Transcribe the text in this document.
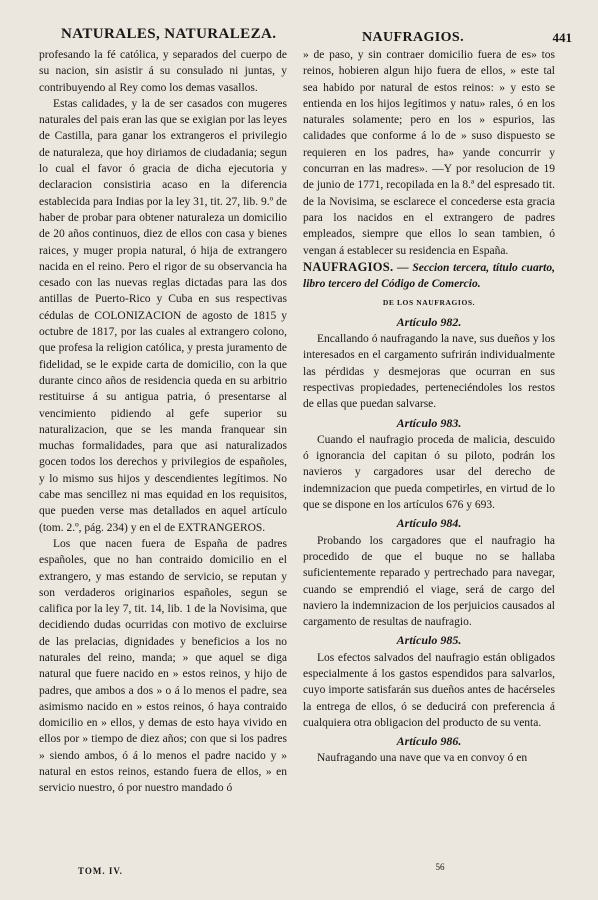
NATURALES, NATURALEZA.	NAUFRAGIOS.	441

profesando la fé católica, y separados del cuerpo de su nacion, sin asistir á su consulado ni juntas, y contribuyendo al Rey como los demas vasallos.

Estas calidades, y la de ser casados con mugeres naturales del pais eran las que se exigian por las leyes de Castilla, para ganar los extrangeros el privilegio de naturaleza, que hoy diriamos de ciudadania; segun lo cual el favor ó gracia de dicha ejecutoria y declaracion consistiria acaso en la diferencia establecida para Indias por la ley 31, tit. 27, lib. 9.º de haber de probar para obtener naturaleza un domicilio de 20 años continuos, diez de ellos con casa y bienes raices, y muger propia natural, ó hija de extrangero nacida en el reino. Pero el rigor de su observancia ha cesado con las nuevas reglas dictadas para las dos antillas de Puerto-Rico y Cuba en sus respectivas cédulas de COLONIZACION de agosto de 1815 y octubre de 1817, por las cuales al extrangero colono, que profesa la religion católica, y presta juramento de fidelidad, se le expide carta de domicilio, con la que durante cinco años de residencia queda en su arbitrio restituirse á su antigua patria, ó presentarse al vencimiento pidiendo al gefe superior su naturalizacion, que se les manda franquear sin muchas formalidades, para que asi naturalizados gocen todos los derechos y privilegios de españoles, y lo mismo sus hijos y descendientes legítimos. No cabe mas sencillez ni mas equidad en los requisitos, que pueden verse mas detallados en aquel artículo (tom. 2.º, pág. 234) y en el de EXTRANGEROS.

Los que nacen fuera de España de padres españoles, que no han contraido domicilio en el extrangero, y mas estando de servicio, se reputan y son verdaderos originarios españoles, segun se califica por la ley 7, tit. 14, lib. 1 de la Novisima, que decidiendo dudas ocurridas con motivo de excluirse de las prelacias, dignidades y beneficios a los no naturales del reino, manda; » que aquel se diga natural que fuere nacido en » estos reinos, y hijo de padres, que ambos a dos » o á lo menos el padre, sea asimismo nacido en » estos reinos, ó haya contraido domicilio en » ellos, y demas de esto haya vivido en ellos por » tiempo de diez años; con que si los padres » siendo ambos, ó á lo menos el padre nacido y » natural en estos reinos, estando fuera de ellos, » en servicio nuestro, ó por nuestro mandado ó

» de paso, y sin contraer domicilio fuera de es» tos reinos, hobieren algun hijo fuera de ellos, » este tal sea habido por natural de estos reinos: » y esto se entienda en los hijos legítimos y natu» rales, ó en los naturales solamente; pero en los » espurios, las calidades que conforme á lo de » suso dispuesto se requieren en los padres, ha» yande concurrir y concurran en las madres». —Y por resolucion de 19 de junio de 1771, recopilada en la 8.ª del espresado tit. de la Novisima, se esclarece el concederse esta gracia para los nacidos en el extrangero de padres empleados, siempre que ellos lo sean tambien, ó vengan á establecer su residencia en España.

NAUFRAGIOS. — Seccion tercera, título cuarto, libro tercero del Código de Comercio.

DE LOS NAUFRAGIOS.
Artículo 982.

Encallando ó naufragando la nave, sus dueños y los interesados en el cargamento sufrirán individualmente las pérdidas y desmejoras que ocurran en sus respectivas propiedades, perteneciéndoles los restos de ellas que puedan salvarse.

Artículo 983.

Cuando el naufragio proceda de malicia, descuido ó ignorancia del capitan ó su piloto, podrán los navieros y cargadores usar del derecho de indemnizacion que pueda competirles, en virtud de lo que se dispone en los artículos 676 y 693.

Artículo 984.

Probando los cargadores que el naufragio ha procedido de que el buque no se hallaba suficientemente reparado y pertrechado para navegar, cuando se emprendió el viage, será de cargo del naviero la indemnizacion de los perjuicios causados al cargamento de resultas de naufragio.

Artículo 985.

Los efectos salvados del naufragio están obligados especialmente á los gastos espendidos para salvarlos, cuyo importe satisfarán sus dueños antes de hacérseles la entrega de ellos, ó se deducirá con preferencia á cualquiera otra obligacion del producto de su venta.

Artículo 986.

Naufragando una nave que va en convoy ó en

TOM. IV.	56
